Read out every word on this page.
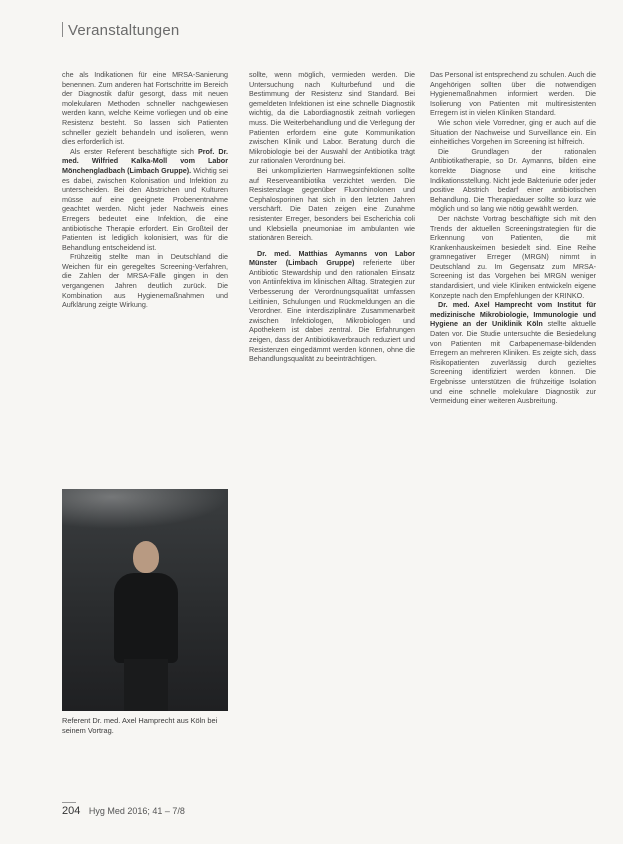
Veranstaltungen

che als Indikationen für eine MRSA-Sanierung benennen. Zum anderen hat Fortschritte im Bereich der Diagnostik dafür gesorgt, dass mit neuen molekularen Methoden schneller nachgewiesen werden kann, welche Keime vorliegen und ob eine Resistenz besteht. So lassen sich Patienten schneller gezielt behandeln und isolieren, wenn dies erforderlich ist.

Als erster Referent beschäftigte sich Prof. Dr. med. Wilfried Kalka-Moll vom Labor Mönchengladbach (Limbach Gruppe). Wichtig sei es dabei, zwischen Kolonisation und Infektion zu unterscheiden. Bei den Abstrichen und Kulturen müsse auf eine geeignete Probenentnahme geachtet werden. Nicht jeder Nachweis eines Erregers bedeutet eine Infektion, die eine antibiotische Therapie erfordert. Ein Großteil der Patienten ist lediglich kolonisiert, was für die Behandlung entscheidend ist.

Frühzeitig stellte man in Deutschland die Weichen für ein geregeltes Screening-Verfahren, die Zahlen der MRSA-Fälle gingen in den vergangenen Jahren deutlich zurück. Die Kombination aus Hygienemaßnahmen und Aufklärung zeigte Wirkung.

Referent Dr. med. Axel Hamprecht aus Köln bei seinem Vortrag.

sollte, wenn möglich, vermieden werden. Die Untersuchung nach Kulturbefund und die Bestimmung der Resistenz sind Standard. Bei gemeldeten Infektionen ist eine schnelle Diagnostik wichtig, da die Labordiagnostik zeitnah vorliegen muss. Die Weiterbehandlung und die Verlegung der Patienten erfordern eine gute Kommunikation zwischen Klinik und Labor. Beratung durch die Mikrobiologie bei der Auswahl der Antibiotika trägt zur rationalen Verordnung bei.

Bei unkomplizierten Harnwegsinfektionen sollte auf Reserveantibiotika verzichtet werden. Die Resistenzlage gegenüber Fluorchinolonen und Cephalosporinen hat sich in den letzten Jahren verschärft. Die Daten zeigen eine Zunahme resistenter Erreger, besonders bei Escherichia coli und Klebsiella pneumoniae im ambulanten wie stationären Bereich.

Dr. med. Matthias Aymanns von Labor Münster (Limbach Gruppe) referierte über Antibiotic Stewardship und den rationalen Einsatz von Antiinfektiva im klinischen Alltag. Strategien zur Verbesserung der Verordnungsqualität umfassen Leitlinien, Schulungen und Rückmeldungen an die Verordner. Eine interdisziplinäre Zusammenarbeit zwischen Infektiologen, Mikrobiologen und Apothekern ist dabei zentral. Die Erfahrungen zeigen, dass der Antibiotikaverbrauch reduziert und Resistenzen eingedämmt werden können, ohne die Behandlungsqualität zu beeinträchtigen.

Das Personal ist entsprechend zu schulen. Auch die Angehörigen sollten über die notwendigen Hygienemaßnahmen informiert werden. Die Isolierung von Patienten mit multiresistenten Erregern ist in vielen Kliniken Standard.

Wie schon viele Vorredner, ging er auch auf die Situation der Nachweise und Surveillance ein. Ein einheitliches Vorgehen im Screening ist hilfreich.

Die Grundlagen der rationalen Antibiotikatherapie, so Dr. Aymanns, bilden eine korrekte Diagnose und eine kritische Indikationsstellung. Nicht jede Bakteriurie oder jeder positive Abstrich bedarf einer antibiotischen Behandlung. Die Therapiedauer sollte so kurz wie möglich und so lang wie nötig gewählt werden.

Der nächste Vortrag beschäftigte sich mit den Trends der aktuellen Screeningstrategien für die Erkennung von Patienten, die mit Krankenhauskeimen besiedelt sind. Eine Reihe gramnegativer Erreger (MRGN) nimmt in Deutschland zu. Im Gegensatz zum MRSA-Screening ist das Vorgehen bei MRGN weniger standardisiert, und viele Kliniken entwickeln eigene Konzepte nach den Empfehlungen der KRINKO.

Dr. med. Axel Hamprecht vom Institut für medizinische Mikrobiologie, Immunologie und Hygiene an der Uniklinik Köln stellte aktuelle Daten vor. Die Studie untersuchte die Besiedelung von Patienten mit Carbapenemase-bildenden Erregern an mehreren Kliniken. Es zeigte sich, dass Risikopatienten zuverlässig durch gezieltes Screening identifiziert werden können. Die Ergebnisse unterstützen die frühzeitige Isolation und eine schnelle molekulare Diagnostik zur Vermeidung einer weiteren Ausbreitung.

204 Hyg Med 2016; 41 – 7/8
